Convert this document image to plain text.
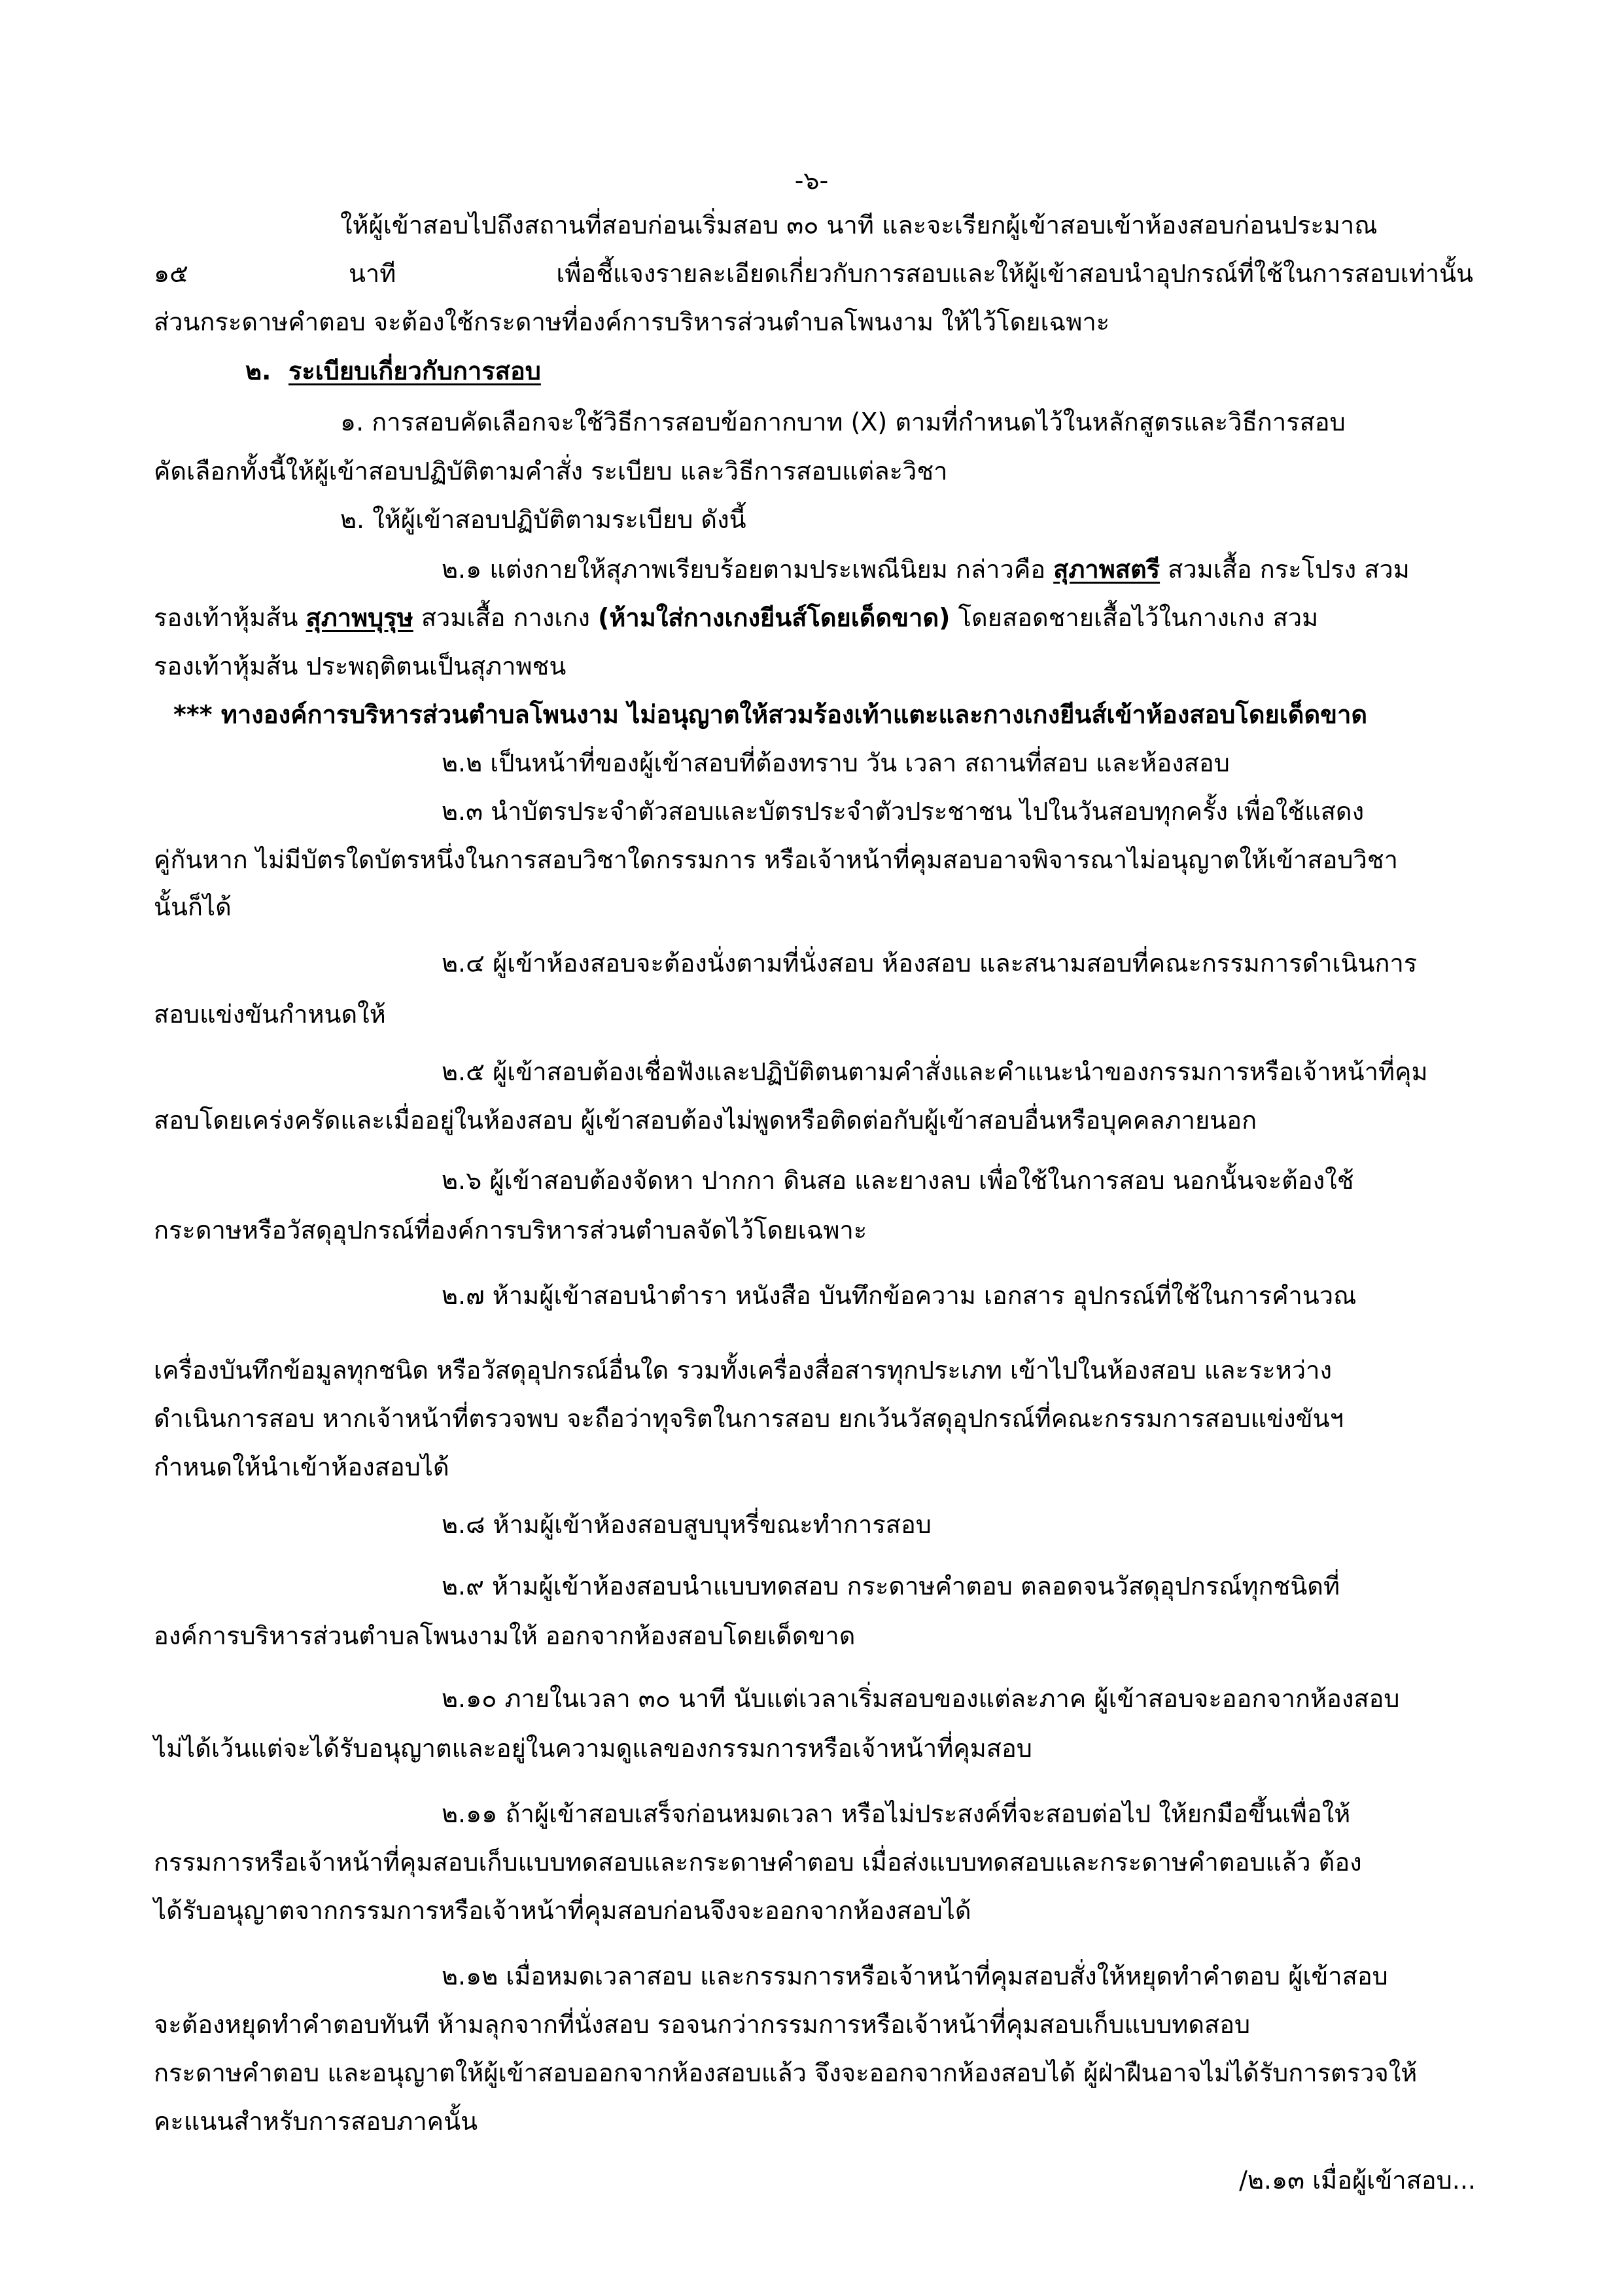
-๖-
ให้ผู้เข้าสอบไปถึงสถานที่สอบก่อนเริ่มสอบ ๓๐ นาที และจะเรียกผู้เข้าสอบเข้าห้องสอบก่อนประมาณ
๑๕ นาที เพื่อชี้แจงรายละเอียดเกี่ยวกับการสอบและให้ผู้เข้าสอบนำอุปกรณ์ที่ใช้ในการสอบเท่านั้น
ส่วนกระดาษคำตอบ จะต้องใช้กระดาษที่องค์การบริหารส่วนตำบลโพนงาม ให้ไว้โดยเฉพาะ
๒. ระเบียบเกี่ยวกับการสอบ
๑. การสอบคัดเลือกจะใช้วิธีการสอบข้อกากบาท (X) ตามที่กำหนดไว้ในหลักสูตรและวิธีการสอบ
คัดเลือกทั้งนี้ให้ผู้เข้าสอบปฏิบัติตามคำสั่ง ระเบียบ และวิธีการสอบแต่ละวิชา
๒. ให้ผู้เข้าสอบปฏิบัติตามระเบียบ ดังนี้
๒.๑ แต่งกายให้สุภาพเรียบร้อยตามประเพณีนิยม กล่าวคือ สุภาพสตรี สวมเสื้อ กระโปรง สวม
รองเท้าหุ้มส้น สุภาพบุรุษ สวมเสื้อ กางเกง (ห้ามใส่กางเกงยีนส์โดยเด็ดขาด) โดยสอดชายเสื้อไว้ในกางเกง สวม
รองเท้าหุ้มส้น ประพฤติตนเป็นสุภาพชน
*** ทางองค์การบริหารส่วนตำบลโพนงาม ไม่อนุญาตให้สวมร้องเท้าแตะและกางเกงยีนส์เข้าห้องสอบโดยเด็ดขาด
๒.๒ เป็นหน้าที่ของผู้เข้าสอบที่ต้องทราบ วัน เวลา สถานที่สอบ และห้องสอบ
๒.๓ นำบัตรประจำตัวสอบและบัตรประจำตัวประชาชน ไปในวันสอบทุกครั้ง เพื่อใช้แสดง
คู่กันหาก ไม่มีบัตรใดบัตรหนึ่งในการสอบวิชาใดกรรมการ หรือเจ้าหน้าที่คุมสอบอาจพิจารณาไม่อนุญาตให้เข้าสอบวิชา
นั้นก็ได้
๒.๔ ผู้เข้าห้องสอบจะต้องนั่งตามที่นั่งสอบ ห้องสอบ และสนามสอบที่คณะกรรมการดำเนินการ
สอบแข่งขันกำหนดให้
๒.๕ ผู้เข้าสอบต้องเชื่อฟังและปฏิบัติตนตามคำสั่งและคำแนะนำของกรรมการหรือเจ้าหน้าที่คุม
สอบโดยเคร่งครัดและเมื่ออยู่ในห้องสอบ ผู้เข้าสอบต้องไม่พูดหรือติดต่อกับผู้เข้าสอบอื่นหรือบุคคลภายนอก
๒.๖ ผู้เข้าสอบต้องจัดหา ปากกา ดินสอ และยางลบ เพื่อใช้ในการสอบ นอกนั้นจะต้องใช้
กระดาษหรือวัสดุอุปกรณ์ที่องค์การบริหารส่วนตำบลจัดไว้โดยเฉพาะ
๒.๗ ห้ามผู้เข้าสอบนำตำรา หนังสือ บันทึกข้อความ เอกสาร อุปกรณ์ที่ใช้ในการคำนวณ
เครื่องบันทึกข้อมูลทุกชนิด หรือวัสดุอุปกรณ์อื่นใด รวมทั้งเครื่องสื่อสารทุกประเภท เข้าไปในห้องสอบ และระหว่าง
ดำเนินการสอบ หากเจ้าหน้าที่ตรวจพบ จะถือว่าทุจริตในการสอบ ยกเว้นวัสดุอุปกรณ์ที่คณะกรรมการสอบแข่งขันฯ
กำหนดให้นำเข้าห้องสอบได้
๒.๘ ห้ามผู้เข้าห้องสอบสูบบุหรี่ขณะทำการสอบ
๒.๙ ห้ามผู้เข้าห้องสอบนำแบบทดสอบ กระดาษคำตอบ ตลอดจนวัสดุอุปกรณ์ทุกชนิดที่
องค์การบริหารส่วนตำบลโพนงามให้ ออกจากห้องสอบโดยเด็ดขาด
๒.๑๐ ภายในเวลา ๓๐ นาที นับแต่เวลาเริ่มสอบของแต่ละภาค ผู้เข้าสอบจะออกจากห้องสอบ
ไม่ได้เว้นแต่จะได้รับอนุญาตและอยู่ในความดูแลของกรรมการหรือเจ้าหน้าที่คุมสอบ
๒.๑๑ ถ้าผู้เข้าสอบเสร็จก่อนหมดเวลา หรือไม่ประสงค์ที่จะสอบต่อไป ให้ยกมือขึ้นเพื่อให้
กรรมการหรือเจ้าหน้าที่คุมสอบเก็บแบบทดสอบและกระดาษคำตอบ เมื่อส่งแบบทดสอบและกระดาษคำตอบแล้ว ต้อง
ได้รับอนุญาตจากกรรมการหรือเจ้าหน้าที่คุมสอบก่อนจึงจะออกจากห้องสอบได้
๒.๑๒ เมื่อหมดเวลาสอบ และกรรมการหรือเจ้าหน้าที่คุมสอบสั่งให้หยุดทำคำตอบ ผู้เข้าสอบ
จะต้องหยุดทำคำตอบทันที ห้ามลุกจากที่นั่งสอบ รอจนกว่ากรรมการหรือเจ้าหน้าที่คุมสอบเก็บแบบทดสอบ
กระดาษคำตอบ และอนุญาตให้ผู้เข้าสอบออกจากห้องสอบแล้ว จึงจะออกจากห้องสอบได้ ผู้ฝ่าฝืนอาจไม่ได้รับการตรวจให้
คะแนนสำหรับการสอบภาคนั้น
/๒.๑๓ เมื่อผู้เข้าสอบ...
